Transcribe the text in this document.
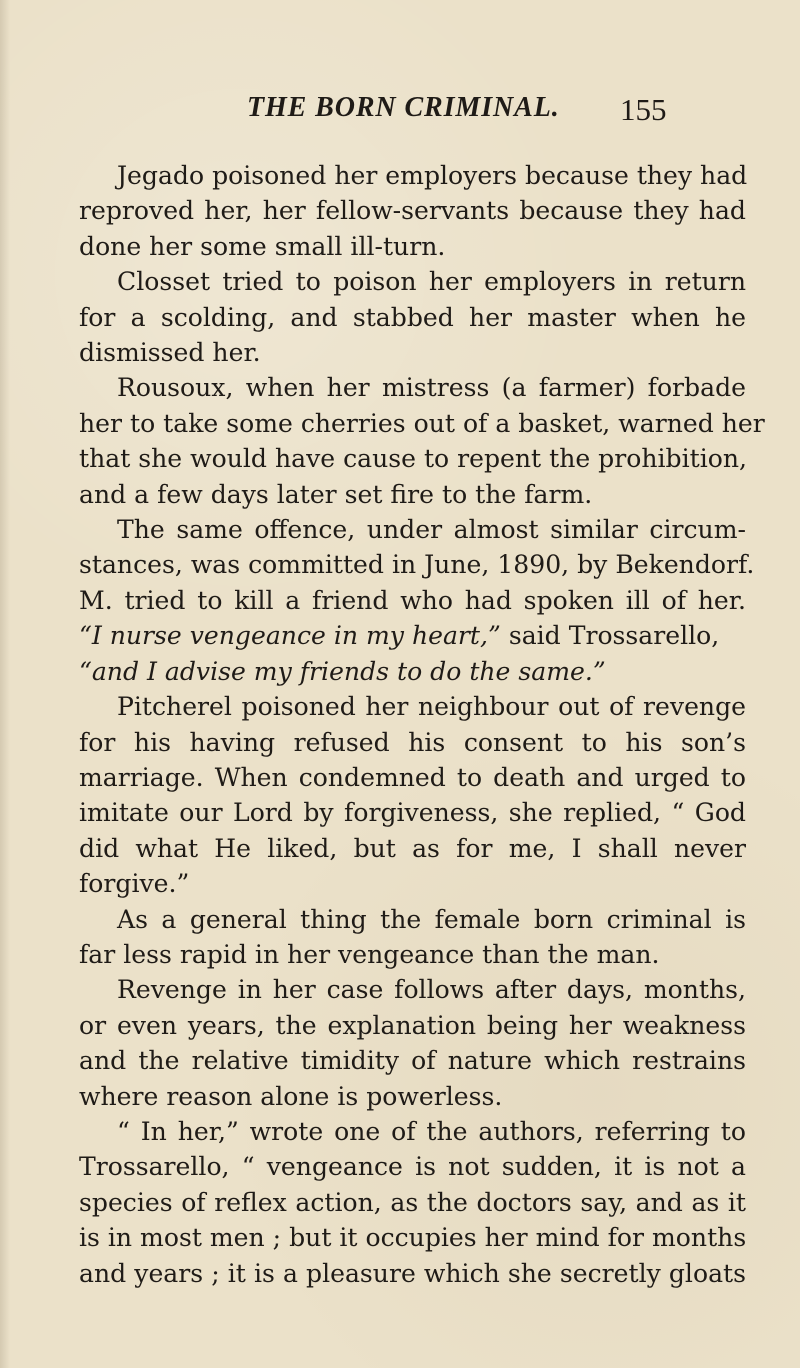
THE BORN CRIMINAL. 155
Jegado poisoned her employers because they had
reproved her, her fellow-servants because they had
done her some small ill-turn.
Closset tried to poison her employers in return
for a scolding, and stabbed her master when he
dismissed her.
Rousoux, when her mistress (a farmer) forbade
her to take some cherries out of a basket, warned her
that she would have cause to repent the prohibition,
and a few days later set fire to the farm.
The same offence, under almost similar circum-
stances, was committed in June, 1890, by Bekendorf.
M. tried to kill a friend who had spoken ill of her.
“I nurse vengeance in my heart,” said Trossarello,
“and I advise my friends to do the same.”
Pitcherel poisoned her neighbour out of revenge
for his having refused his consent to his son’s
marriage. When condemned to death and urged to
imitate our Lord by forgiveness, she replied, “ God
did what He liked, but as for me, I shall never
forgive.”
As a general thing the female born criminal is
far less rapid in her vengeance than the man.
Revenge in her case follows after days, months,
or even years, the explanation being her weakness
and the relative timidity of nature which restrains
where reason alone is powerless.
“ In her,” wrote one of the authors, referring to
Trossarello, “ vengeance is not sudden, it is not a
species of reflex action, as the doctors say, and as it
is in most men ; but it occupies her mind for months
and years ; it is a pleasure which she secretly gloats
